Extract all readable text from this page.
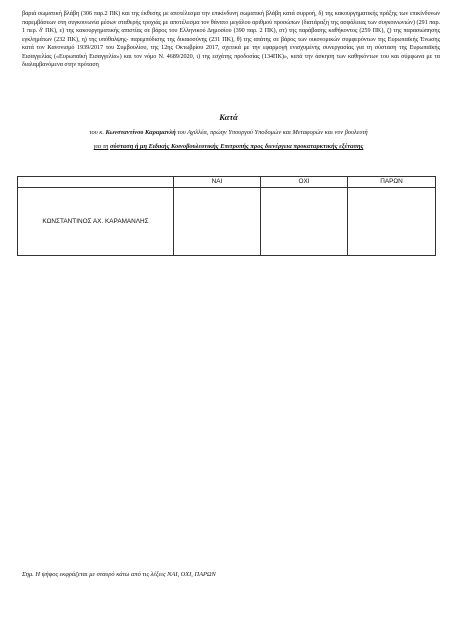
βαριά σωματική βλάβη (306 παρ.2 ΠΚ) και της έκθεσης με αποτέλεσμα την επικίνδυνη σωματική βλάβη κατά συρροή, δ) της κακουργηματικής πράξης των επικίνδυνων παρεμβάσεων στη συγκοινωνία μέσων σταθερής τροχιάς με αποτέλεσμα τον θάνατο μεγάλου αριθμού προσώπων (διατάραξη της ασφάλειας των συγκοινωνιών) (291 παρ. 1 περ. δ' ΠΚ), ε) της κακουργηματικής απιστίας σε βάρος του Ελληνικού Δημοσίου (390 παρ. 2 ΠΚ), στ) της παράβασης καθήκοντος (259 ΠΚ), ζ) της παρασιώπησης εγκλημάτων (232 ΠΚ), η) της υπόθαλψης- παρεμπόδισης της δικαιοσύνης (231 ΠΚ), θ) της απάτης σε βάρος των οικονομικών συμφερόντων της Ευρωπαϊκής Ένωσης κατά τον Κανονισμό 1939/2017 του Συμβουλίου, της 12ης Οκτωβρίου 2017, σχετικά με την εφαρμογή ενισχυμένης συνεργασίας για τη σύσταση της Ευρωπαϊκής Εισαγγελίας («Ευρωπαϊκή Εισαγγελία») και τον νόμο Ν. 4689/2020, ι) της εσχάτης προδοσίας (134ΠΚ)», κατά την άσκηση των καθηκόντων του και σύμφωνα με τα διαλαμβανόμενα στην πρόταση
Κατά
του κ. Κωνσταντίνου Καραμανλή του Αχιλλέα, πρώην Υπουργού Υποδομών και Μεταφορών και νυν βουλευτή
για τη σύσταση ή μη Ειδικής Κοινοβουλευτικής Επιτροπής προς διενέργεια προκαταρκτικής εξέτασης
	ΝΑΙ	ΟΧΙ	ΠΑΡΩΝ
ΚΩΝΣΤΑΝΤΙΝΟΣ ΑΧ. ΚΑΡΑΜΑΝΛΗΣ			
Σημ. Η ψήφος εκφράζεται με σταυρό κάτω από τις λέξεις ΝΑΙ, ΟΧΙ, ΠΑΡΩΝ
